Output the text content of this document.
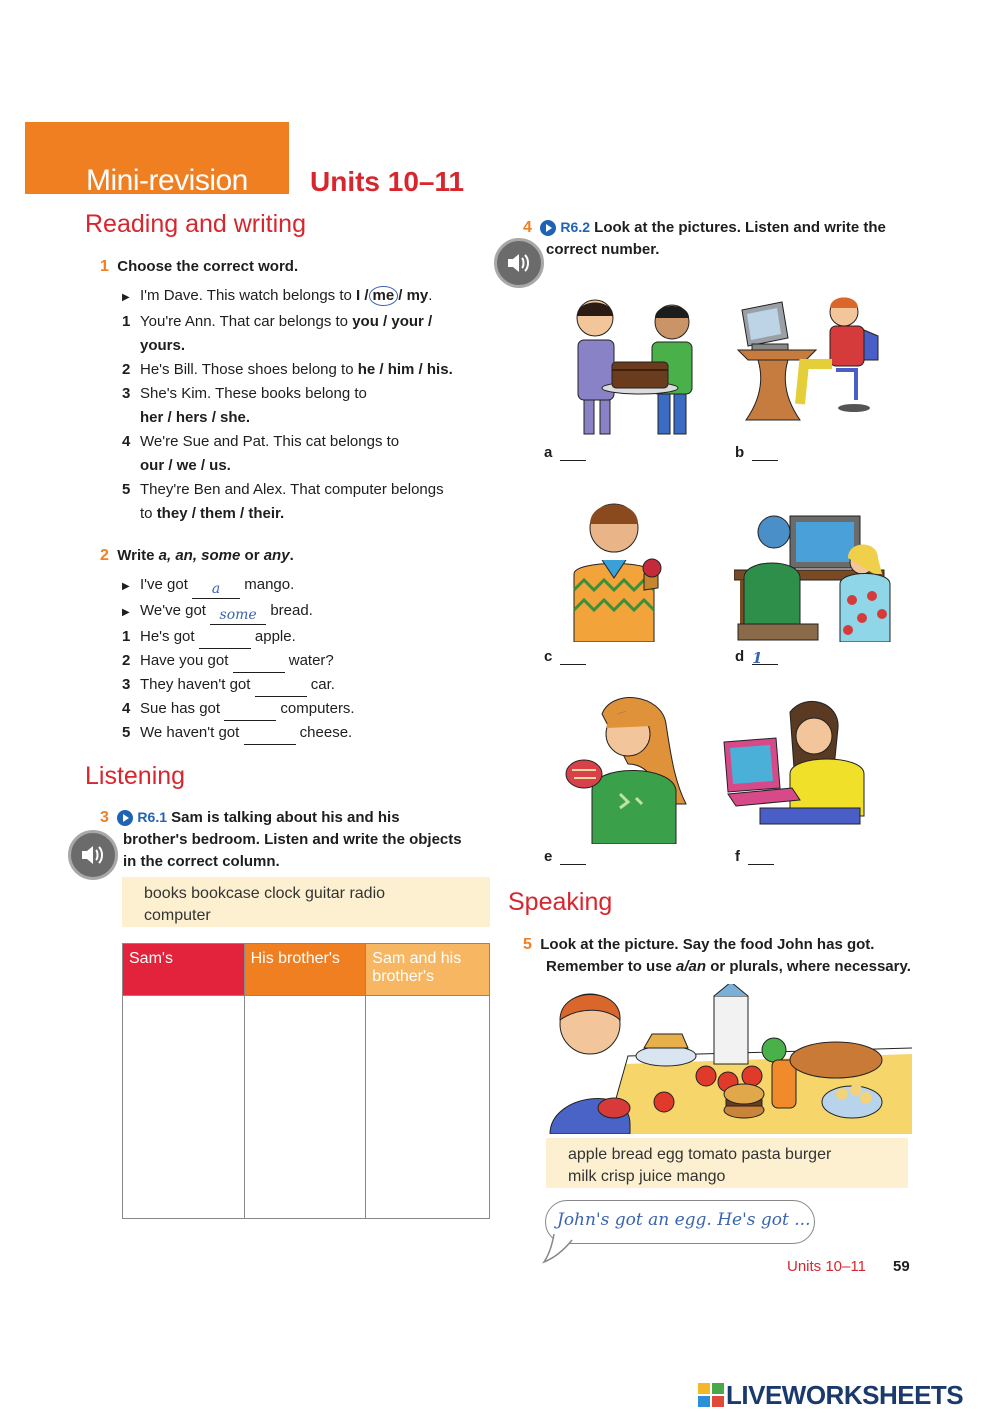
Mini-revision Units 10–11
Reading and writing
1 Choose the correct word.
▶ I'm Dave. This watch belongs to I / me / my.
1 You're Ann. That car belongs to you / your /
yours.
2 He's Bill. Those shoes belong to he / him / his.
3 She's Kim. These books belong to
her / hers / she.
4 We're Sue and Pat. This cat belongs to
our / we / us.
5 They're Ben and Alex. That computer belongs
to they / them / their.
2 Write a, an, some or any.
▶ I've got a mango.
▶ We've got some bread.
1 He's got	apple.
2 Have you got	water?
3 They haven't got	car.
4 Sue has got	computers.
5 We haven't got	cheese.
Listening
3 R6.1 Sam is talking about his and his
brother's bedroom. Listen and write the objects
in the correct column.
books bookcase clock guitar radio
computer
Sam's	His brother's	Sam and his brother's

4 R6.2 Look at the pictures. Listen and write the
correct number.
a	b
c	d 1
e	f
Speaking
5 Look at the picture. Say the food John has got.
Remember to use a/an or plurals, where necessary.
apple bread egg tomato pasta burger
milk crisp juice mango
John's got an egg. He's got ...
Units 10–11 59
LIVEWORKSHEETS
